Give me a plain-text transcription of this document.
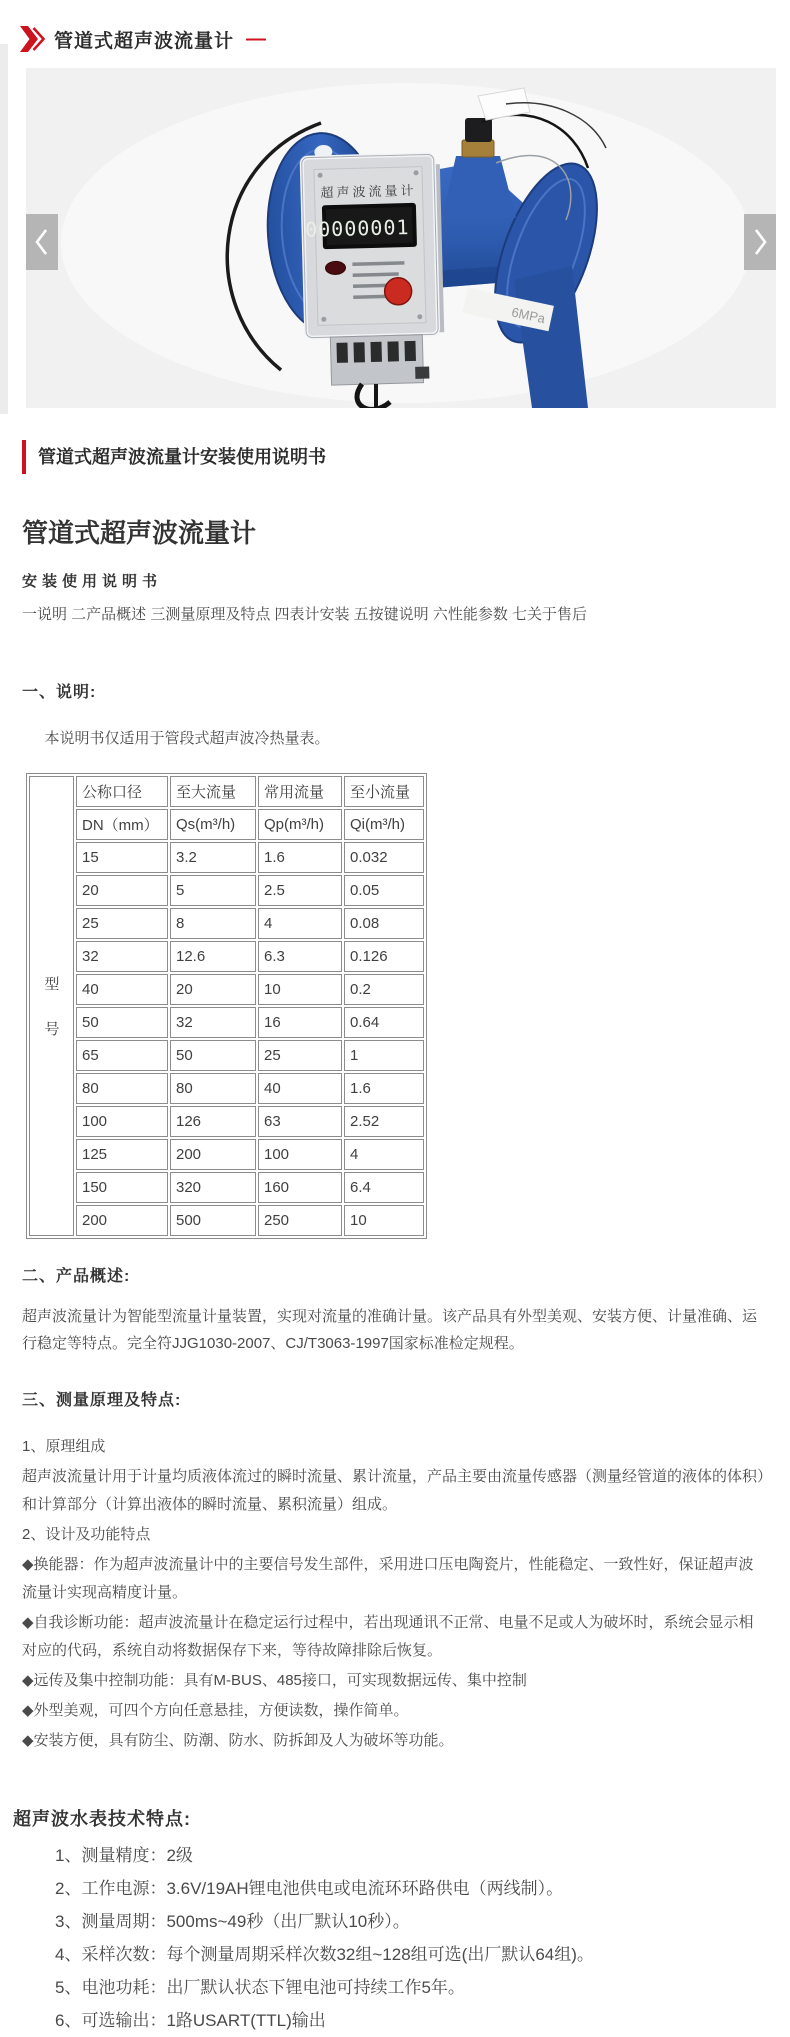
管道式超声波流量计 —
6MPa
超声波流量计
00000001
管道式超声波流量计安装使用说明书
管道式超声波流量计
安装使用说明书
一说明 二产品概述 三测量原理及特点 四表计安装 五按键说明 六性能参数 七关于售后
一、说明:

本说明书仅适用于管段式超声波冷热量表。

型
号	公称口径	至大流量	常用流量	至小流量
	DN（mm）	Qs(m³/h)	Qp(m³/h)	Qi(m³/h)
	15	3.2	1.6	0.032
	20	5	2.5	0.05
	25	8	4	0.08
	32	12.6	6.3	0.126
	40	20	10	0.2
	50	32	16	0.64
	65	50	25	1
	80	80	40	1.6
	100	126	63	2.52
	125	200	100	4
	150	320	160	6.4
	200	500	250	10
二、产品概述:

超声波流量计为智能型流量计量装置，实现对流量的准确计量。该产品具有外型美观、安装方便、计量准确、运行稳定等特点。完全符JJG1030-2007、CJ/T3063-1997国家标准检定规程。

三、测量原理及特点:

1、原理组成

超声波流量计用于计量均质液体流过的瞬时流量、累计流量，产品主要由流量传感器（测量经管道的液体的体积）和计算部分（计算出液体的瞬时流量、累积流量）组成。

2、设计及功能特点

◆换能器：作为超声波流量计中的主要信号发生部件，采用进口压电陶瓷片，性能稳定、一致性好，保证超声波流量计实现高精度计量。

◆自我诊断功能：超声波流量计在稳定运行过程中，若出现通讯不正常、电量不足或人为破坏时，系统会显示相对应的代码，系统自动将数据保存下来，等待故障排除后恢复。

◆远传及集中控制功能：具有M-BUS、485接口，可实现数据远传、集中控制

◆外型美观，可四个方向任意悬挂，方便读数，操作简单。

◆安装方便，具有防尘、防潮、防水、防拆卸及人为破坏等功能。

超声波水表技术特点:
1、测量精度：2级
2、工作电源：3.6V/19AH锂电池供电或电流环环路供电（两线制）。
3、测量周期：500ms~49秒（出厂默认10秒）。
4、采样次数：每个测量周期采样次数32组~128组可选(出厂默认64组)。
5、电池功耗：出厂默认状态下锂电池可持续工作5年。
6、可选输出：1路USART(TTL)输出
